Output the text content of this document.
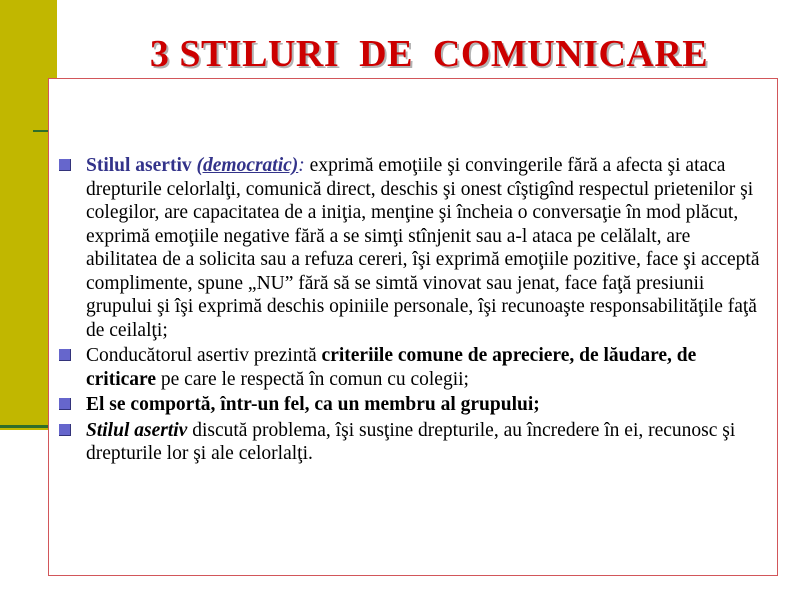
3 STILURI  DE  COMUNICARE
Stilul asertiv (democratic): exprimă emoţiile şi convingerile fără a afecta şi ataca drepturile celorlalţi, comunică direct, deschis şi onest cîştigînd respectul prietenilor şi colegilor, are capacitatea de a iniţia, menţine şi încheia o conversaţie în mod plăcut, exprimă emoţiile negative fără a se simţi stînjenit sau a-l ataca pe celălalt, are abilitatea de a solicita sau a refuza cereri, îşi exprimă emoţiile pozitive, face şi acceptă complimente, spune „NU” fără să se simtă vinovat sau jenat, face faţă presiunii grupului şi îşi exprimă deschis opiniile personale, îşi recunoaşte responsabilităţile faţă de ceilalţi;
Conducătorul asertiv prezintă criteriile comune de apreciere, de lăudare, de criticare pe care le respectă în comun cu colegii;
El se comportă, într-un fel, ca un membru al grupului;
Stilul asertiv discută problema, îşi susţine drepturile, au încredere în ei, recunosc şi drepturile lor şi ale celorlalţi.
